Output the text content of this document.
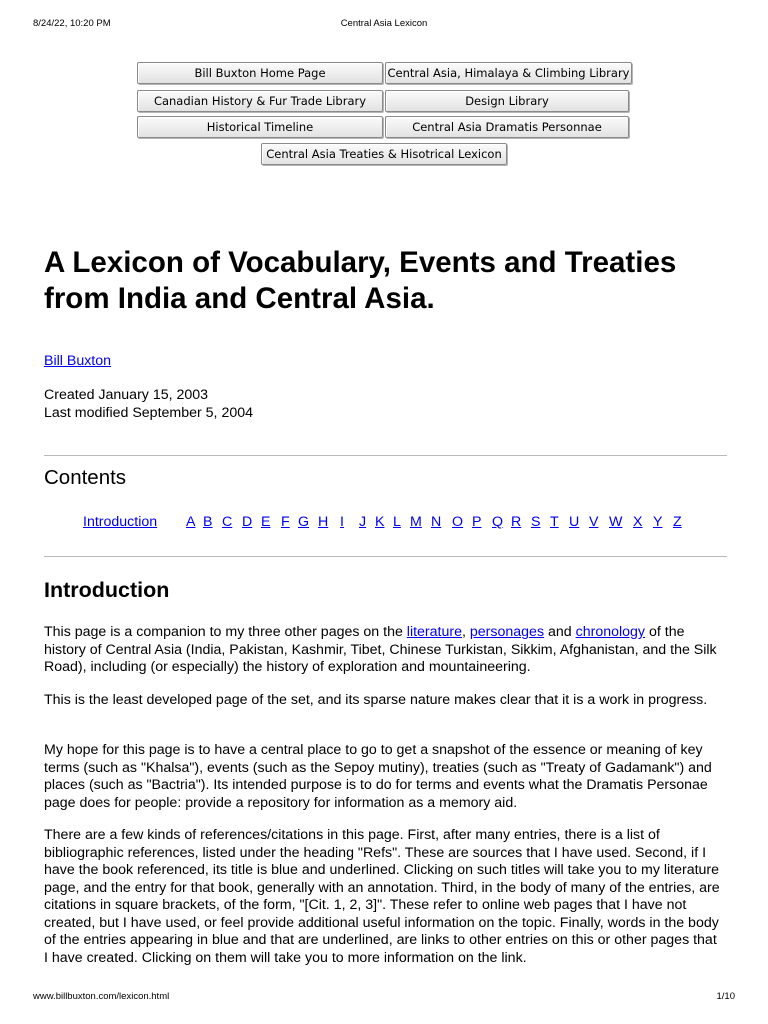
8/24/22, 10:20 PM	Central Asia Lexicon
Bill Buxton Home Page	Central Asia, Himalaya & Climbing Library
Canadian History & Fur Trade Library	Design Library
Historical Timeline	Central Asia Dramatis Personnae
Central Asia Treaties & Hisotrical Lexicon
A Lexicon of Vocabulary, Events and Treaties from India and Central Asia.
Bill Buxton
Created January 15, 2003
Last modified September 5, 2004
Contents
Introduction A B C D E F G H I J K L M N O P Q R S T U V W X Y Z
Introduction

This page is a companion to my three other pages on the literature, personages and chronology of the history of Central Asia (India, Pakistan, Kashmir, Tibet, Chinese Turkistan, Sikkim, Afghanistan, and the Silk Road), including (or especially) the history of exploration and mountaineering.

This is the least developed page of the set, and its sparse nature makes clear that it is a work in progress.

My hope for this page is to have a central place to go to get a snapshot of the essence or meaning of key terms (such as "Khalsa"), events (such as the Sepoy mutiny), treaties (such as "Treaty of Gadamank") and places (such as "Bactria"). Its intended purpose is to do for terms and events what the Dramatis Personae page does for people: provide a repository for information as a memory aid.

There are a few kinds of references/citations in this page. First, after many entries, there is a list of bibliographic references, listed under the heading "Refs". These are sources that I have used. Second, if I have the book referenced, its title is blue and underlined. Clicking on such titles will take you to my literature page, and the entry for that book, generally with an annotation. Third, in the body of many of the entries, are citations in square brackets, of the form, "[Cit. 1, 2, 3]". These refer to online web pages that I have not created, but I have used, or feel provide additional useful information on the topic. Finally, words in the body of the entries appearing in blue and that are underlined, are links to other entries on this or other pages that I have created. Clicking on them will take you to more information on the link.

www.billbuxton.com/lexicon.html	1/10
